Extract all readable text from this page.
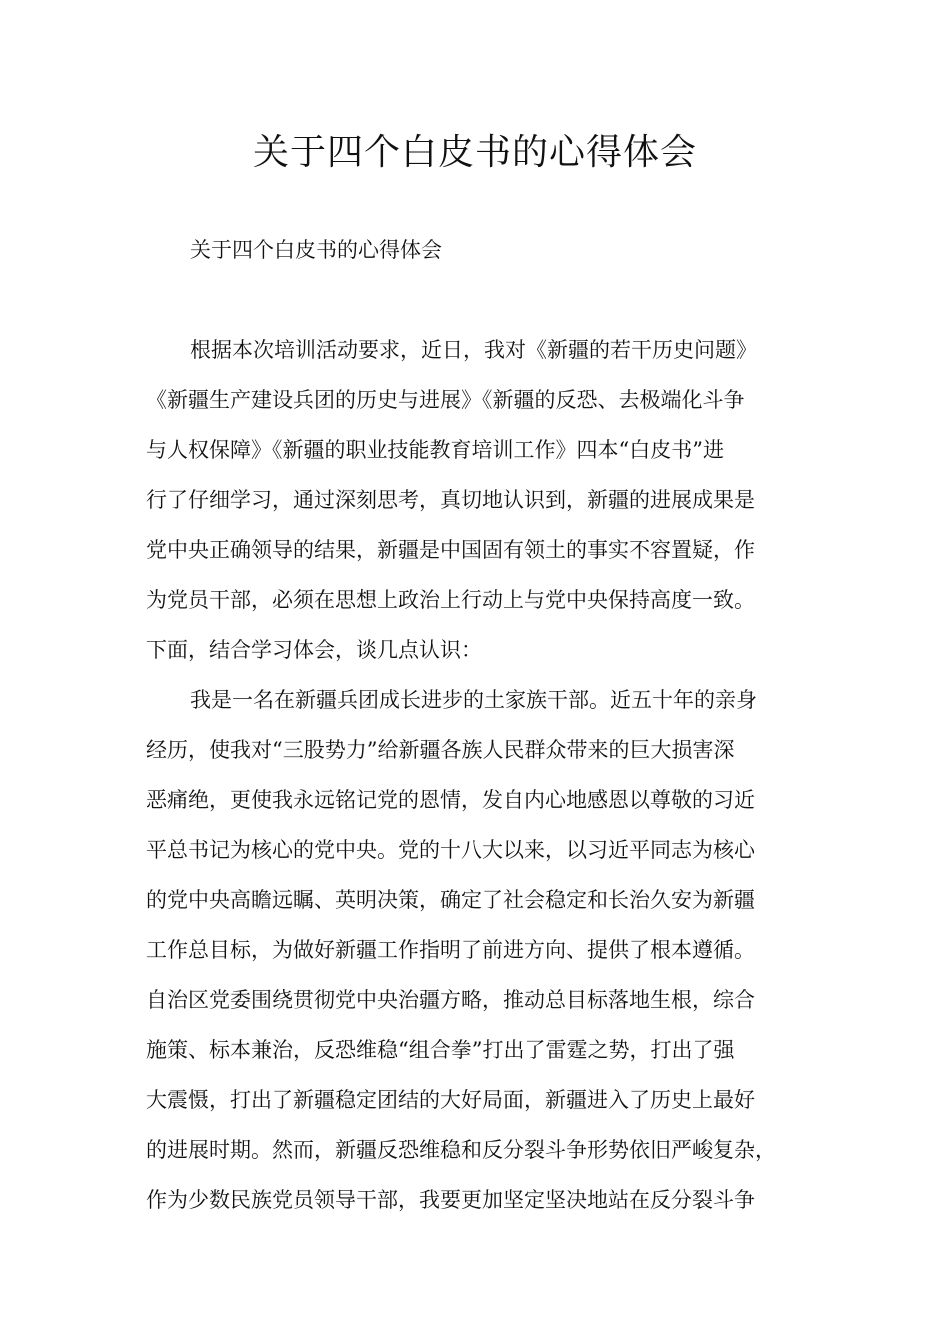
关于四个白皮书的心得体会

关于四个白皮书的心得体会

根据本次培训活动要求，近日，我对《新疆的若干历史问题》

《新疆生产建设兵团的历史与进展》《新疆的反恐、去极端化斗争

与人权保障》《新疆的职业技能教育培训工作》四本“白皮书”进

行了仔细学习，通过深刻思考，真切地认识到，新疆的进展成果是

党中央正确领导的结果，新疆是中国固有领土的事实不容置疑，作

为党员干部，必须在思想上政治上行动上与党中央保持高度一致。

下面，结合学习体会，谈几点认识：

我是一名在新疆兵团成长进步的土家族干部。近五十年的亲身

经历，使我对“三股势力”给新疆各族人民群众带来的巨大损害深

恶痛绝，更使我永远铭记党的恩情，发自内心地感恩以尊敬的习近

平总书记为核心的党中央。党的十八大以来，以习近平同志为核心

的党中央高瞻远瞩、英明决策，确定了社会稳定和长治久安为新疆

工作总目标，为做好新疆工作指明了前进方向、提供了根本遵循。

自治区党委围绕贯彻党中央治疆方略，推动总目标落地生根，综合

施策、标本兼治，反恐维稳“组合拳”打出了雷霆之势，打出了强

大震慑，打出了新疆稳定团结的大好局面，新疆进入了历史上最好

的进展时期。然而，新疆反恐维稳和反分裂斗争形势依旧严峻复杂，

作为少数民族党员领导干部，我要更加坚定坚决地站在反分裂斗争
